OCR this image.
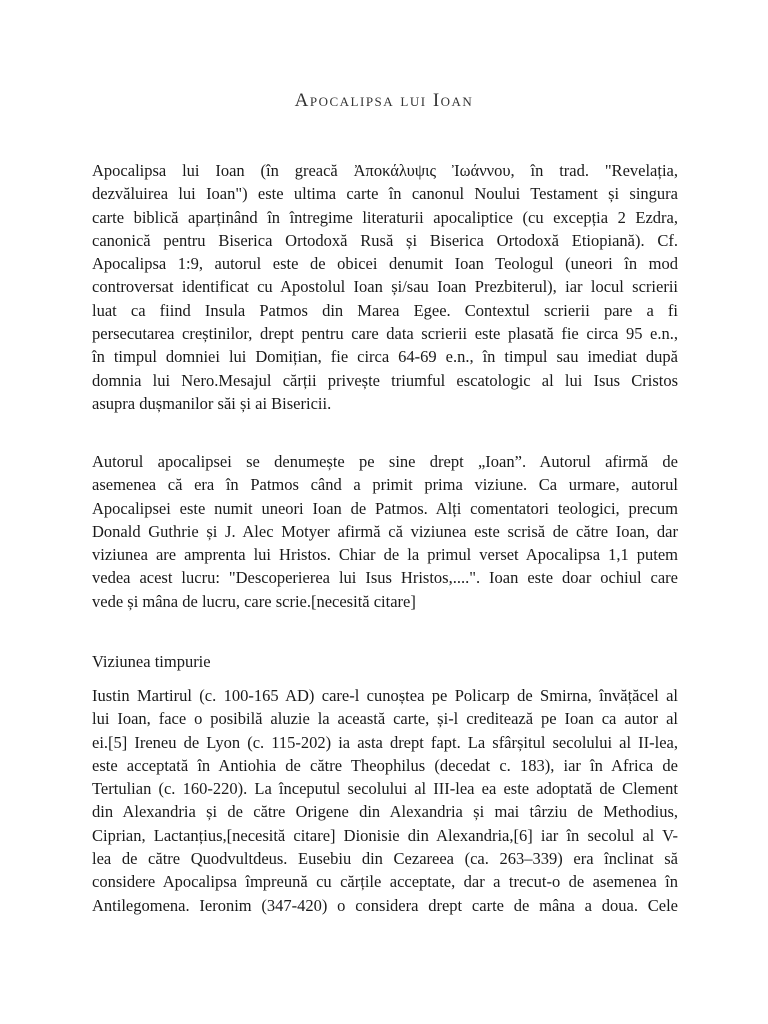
Apocalipsa lui Ioan
Apocalipsa lui Ioan (în greacă Ἀποκάλυψις Ἰωάννου, în trad. "Revelația,
dezvăluirea lui Ioan") este ultima carte în canonul Noului Testament și singura
carte biblică aparținând în întregime literaturii apocaliptice (cu excepția 2 Ezdra,
canonică pentru Biserica Ortodoxă Rusă și Biserica Ortodoxă Etiopiană). Cf.
Apocalipsa 1:9, autorul este de obicei denumit Ioan Teologul (uneori în mod
controversat identificat cu Apostolul Ioan și/sau Ioan Prezbiterul), iar locul scrierii
luat ca fiind Insula Patmos din Marea Egee. Contextul scrierii pare a fi
persecutarea creștinilor, drept pentru care data scrierii este plasată fie circa 95 e.n.,
în timpul domniei lui Domițian, fie circa 64-69 e.n., în timpul sau imediat după
domnia lui Nero.Mesajul cărții privește triumful escatologic al lui Isus Cristos
asupra dușmanilor săi și ai Bisericii.
Autorul apocalipsei se denumește pe sine drept „Ioan”. Autorul afirmă de
asemenea că era în Patmos când a primit prima viziune. Ca urmare, autorul
Apocalipsei este numit uneori Ioan de Patmos. Alți comentatori teologici, precum
Donald Guthrie și J. Alec Motyer afirmă că viziunea este scrisă de către Ioan, dar
viziunea are amprenta lui Hristos. Chiar de la primul verset Apocalipsa 1,1 putem
vedea acest lucru: "Descoperierea lui Isus Hristos,....". Ioan este doar ochiul care
vede și mâna de lucru, care scrie.[necesită citare]
Viziunea timpurie
Iustin Martirul (c. 100-165 AD) care-l cunoștea pe Policarp de Smirna, învățăcel al
lui Ioan, face o posibilă aluzie la această carte, și-l creditează pe Ioan ca autor al
ei.[5] Ireneu de Lyon (c. 115-202) ia asta drept fapt. La sfârșitul secolului al II-lea,
este acceptată în Antiohia de către Theophilus (decedat c. 183), iar în Africa de
Tertulian (c. 160-220). La începutul secolului al III-lea ea este adoptată de Clement
din Alexandria și de către Origene din Alexandria și mai târziu de Methodius,
Ciprian, Lactanțius,[necesită citare] Dionisie din Alexandria,[6] iar în secolul al V-
lea de către Quodvultdeus. Eusebiu din Cezareea (ca. 263–339) era înclinat să
considere Apocalipsa împreună cu cărțile acceptate, dar a trecut-o de asemenea în
Antilegomena. Ieronim (347-420) o considera drept carte de mâna a doua. Cele
